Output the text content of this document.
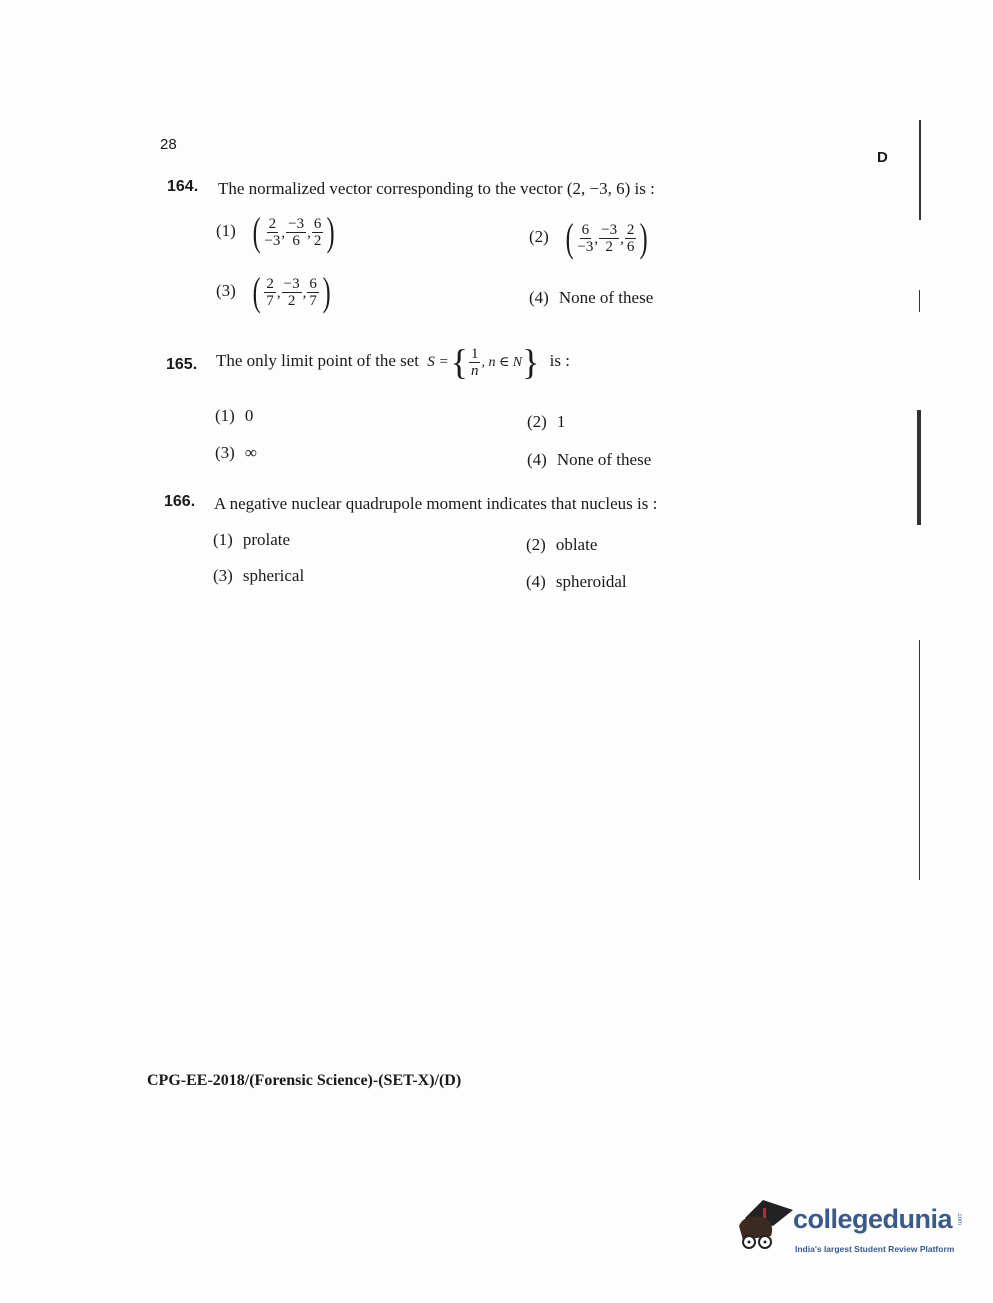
28
D
164. The normalized vector corresponding to the vector (2, −3, 6) is :
(1) ( $\frac{2}{-3}$ , $\frac{-3}{6}$ , $\frac{6}{2}$ )	(2) ( $\frac{6}{-3}$ , $\frac{-3}{2}$ , $\frac{2}{6}$ )
(3) ( $\frac{2}{7}$ , $\frac{-3}{2}$ , $\frac{6}{7}$ )	(4) None of these
165. The only limit point of the set S = { $\frac{1}{n}$ , n ∈ N } is :
(1) 0	(2) 1
(3) ∞	(4) None of these
166. A negative nuclear quadrupole moment indicates that nucleus is :
(1) prolate	(2) oblate
(3) spherical	(4) spheroidal
CPG-EE-2018/(Forensic Science)-(SET-X)/(D)
collegedunia .com
India's largest Student Review Platform
